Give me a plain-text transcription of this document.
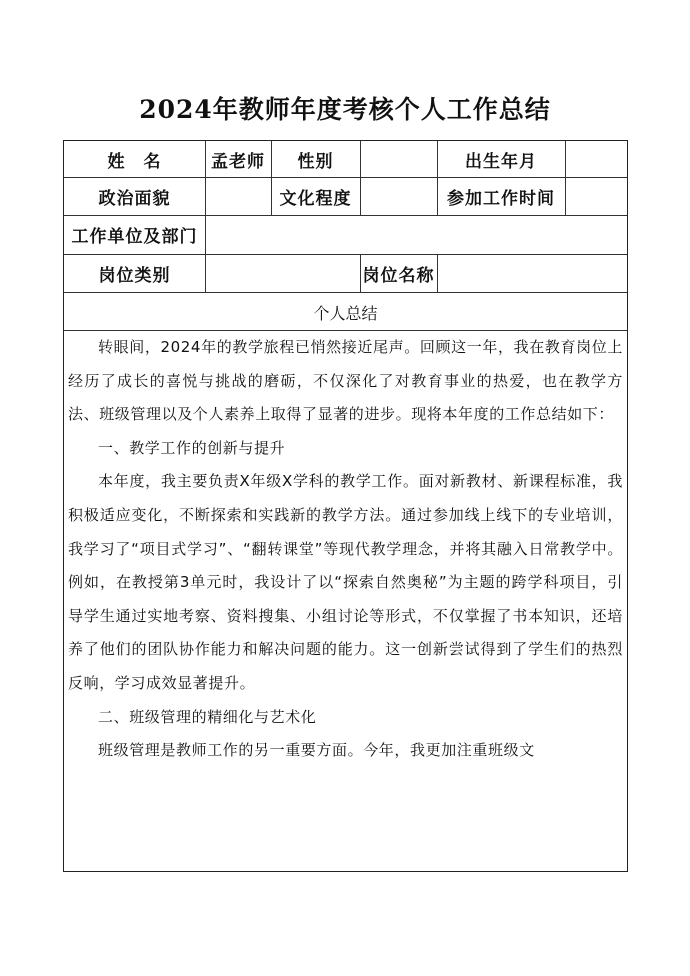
2024年教师年度考核个人工作总结
姓　名	孟老师	性别	出生年月
政治面貌	文化程度	参加工作时间
工作单位及部门
岗位类别	岗位名称
个人总结

转眼间，2024年的教学旅程已悄然接近尾声。回顾这一年，我在教育岗位上经历了成长的喜悦与挑战的磨砺，不仅深化了对教育事业的热爱，也在教学方法、班级管理以及个人素养上取得了显著的进步。现将本年度的工作总结如下：

一、教学工作的创新与提升

本年度，我主要负责X年级X学科的教学工作。面对新教材、新课程标准，我积极适应变化，不断探索和实践新的教学方法。通过参加线上线下的专业培训，我学习了“项目式学习”、“翻转课堂”等现代教学理念，并将其融入日常教学中。例如，在教授第3单元时，我设计了以“探索自然奥秘”为主题的跨学科项目，引导学生通过实地考察、资料搜集、小组讨论等形式，不仅掌握了书本知识，还培养了他们的团队协作能力和解决问题的能力。这一创新尝试得到了学生们的热烈反响，学习成效显著提升。

二、班级管理的精细化与艺术化

班级管理是教师工作的另一重要方面。今年，我更加注重班级文
